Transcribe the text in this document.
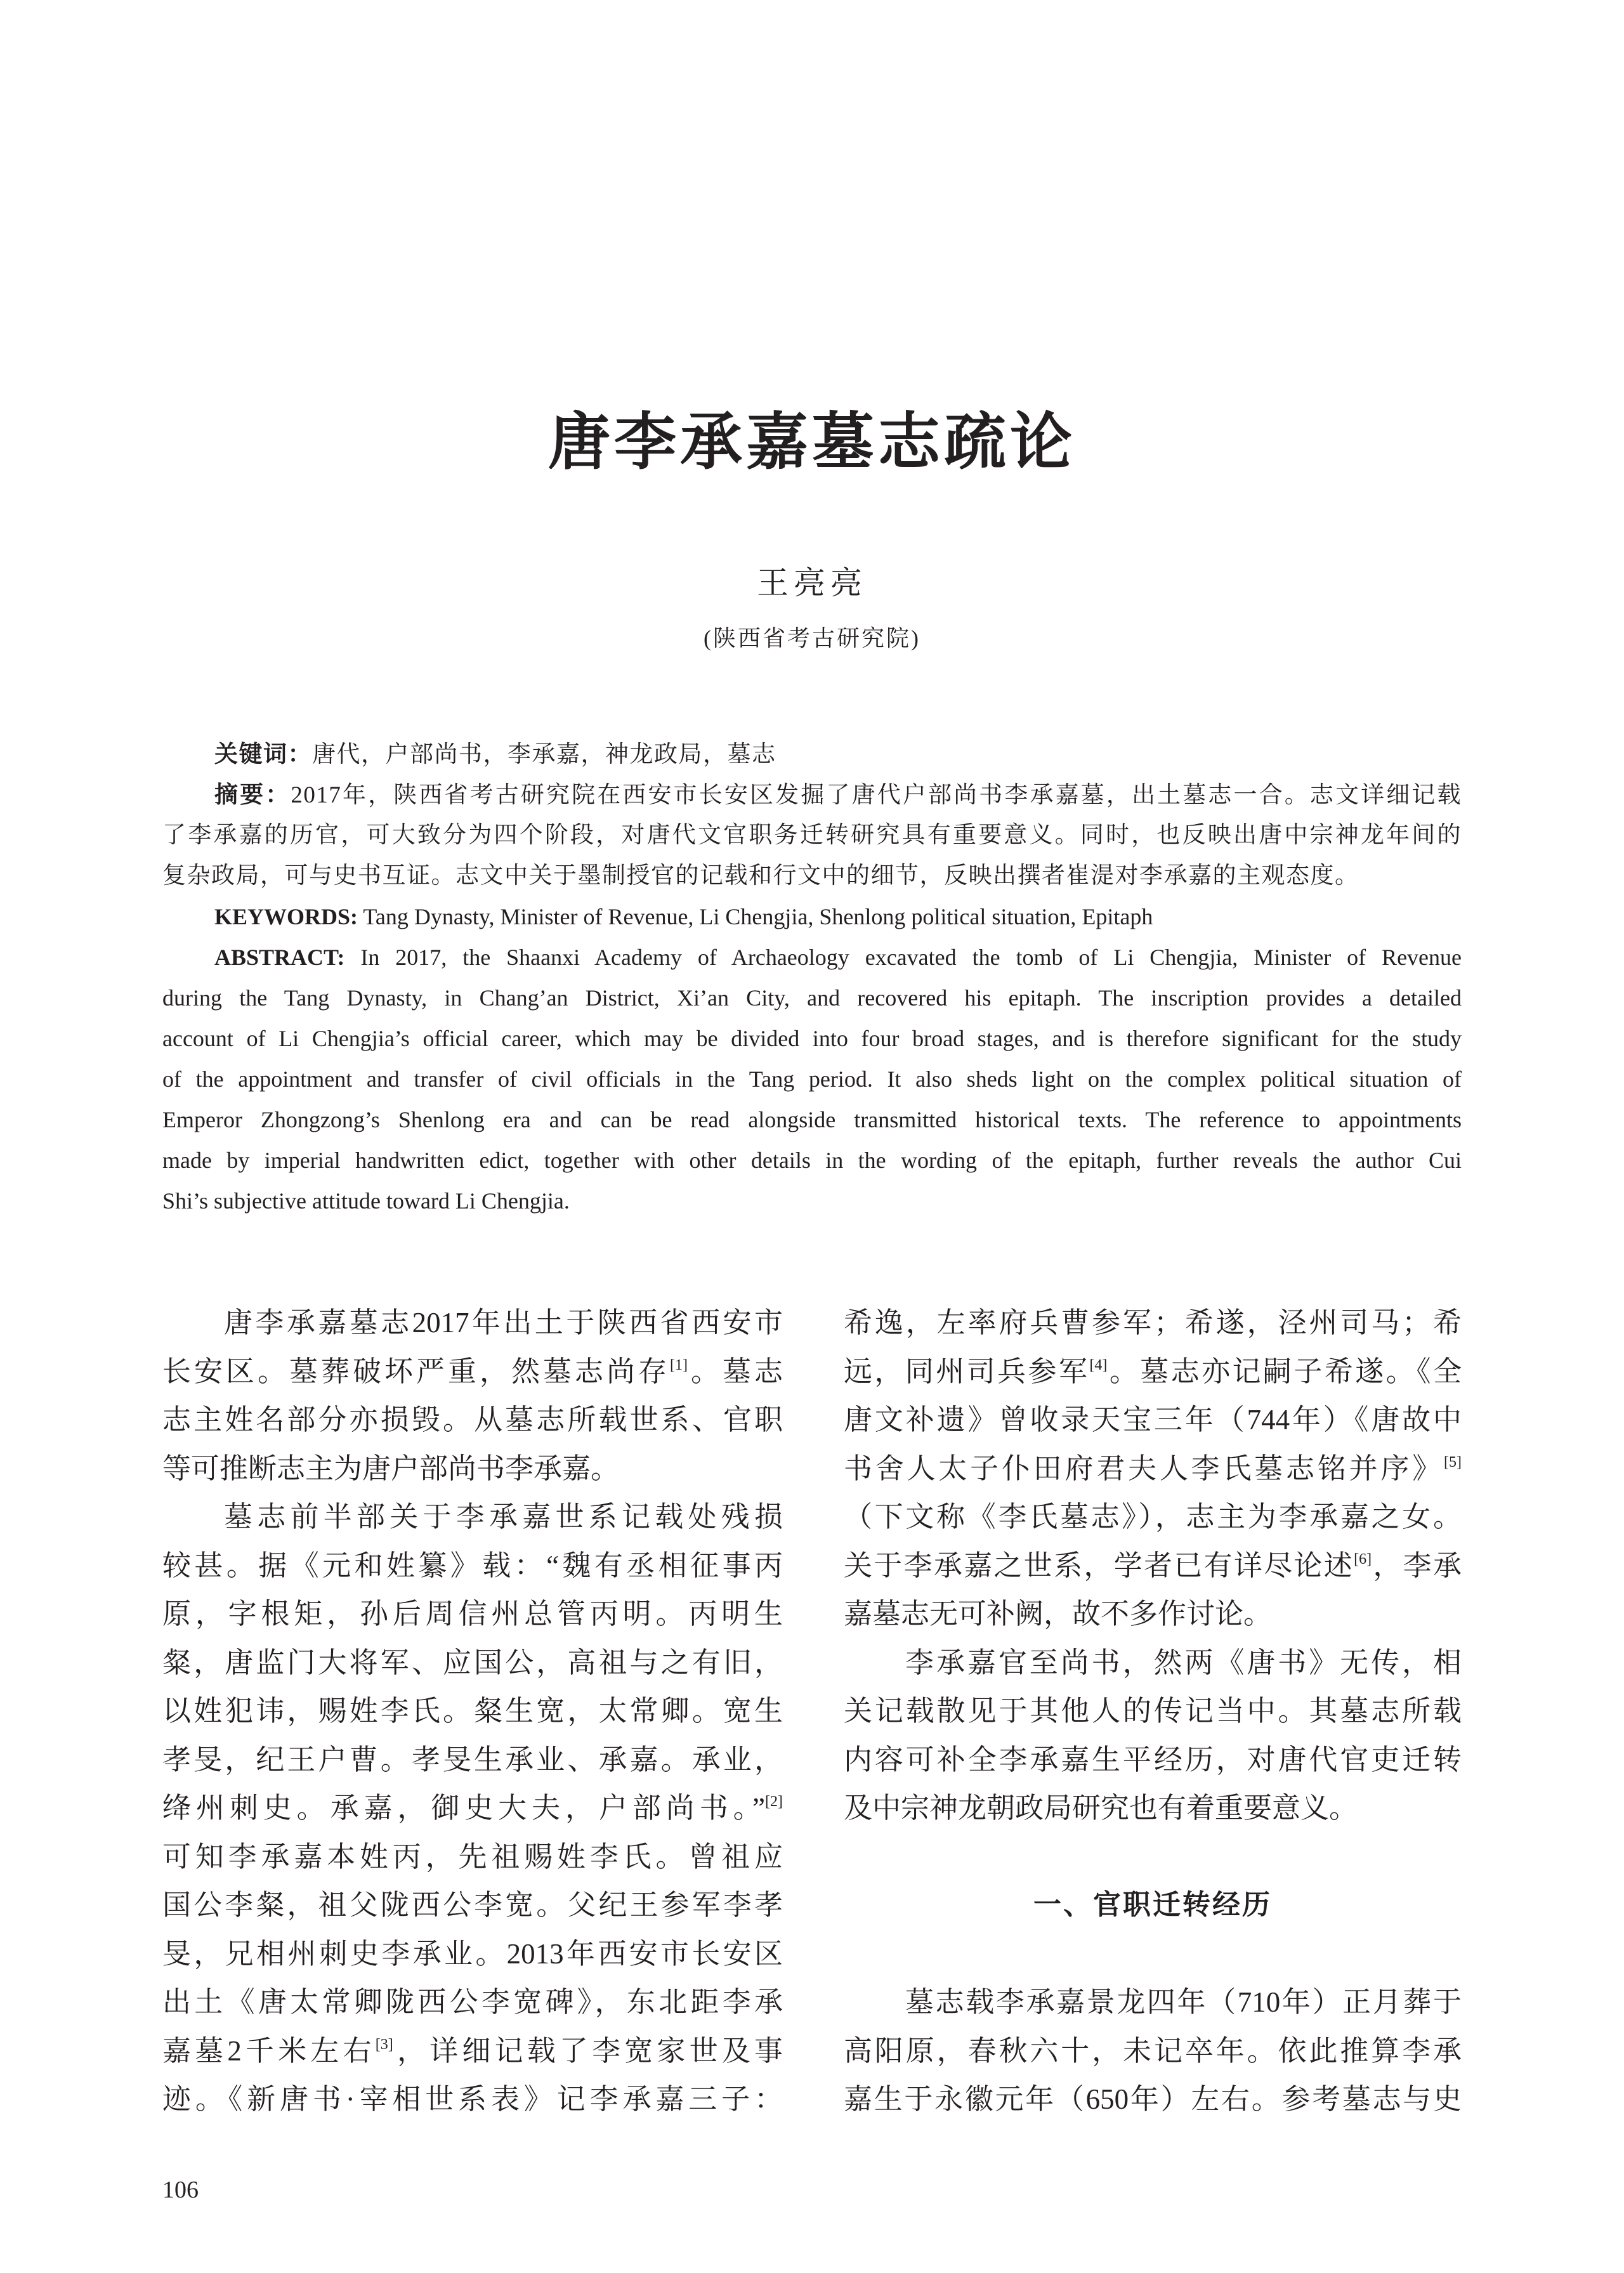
唐李承嘉墓志疏论
王亮亮
(陕西省考古研究院)
关键词：唐代，户部尚书，李承嘉，神龙政局，墓志
摘要：2017年，陕西省考古研究院在西安市长安区发掘了唐代户部尚书李承嘉墓，出土墓志一合。志文详细记载
了李承嘉的历官，可大致分为四个阶段，对唐代文官职务迁转研究具有重要意义。同时，也反映出唐中宗神龙年间的
复杂政局，可与史书互证。志文中关于墨制授官的记载和行文中的细节，反映出撰者崔湜对李承嘉的主观态度。
KEYWORDS: Tang Dynasty, Minister of Revenue, Li Chengjia, Shenlong political situation, Epitaph
ABSTRACT: In 2017, the Shaanxi Academy of Archaeology excavated the tomb of Li Chengjia, Minister of Revenue
during the Tang Dynasty, in Chang’an District, Xi’an City, and recovered his epitaph. The inscription provides a detailed
account of Li Chengjia’s official career, which may be divided into four broad stages, and is therefore significant for the study
of the appointment and transfer of civil officials in the Tang period. It also sheds light on the complex political situation of
Emperor Zhongzong’s Shenlong era and can be read alongside transmitted historical texts. The reference to appointments
made by imperial handwritten edict, together with other details in the wording of the epitaph, further reveals the author Cui
Shi’s subjective attitude toward Li Chengjia.
唐李承嘉墓志2017年出土于陕西省西安市
长安区。墓葬破坏严重，然墓志尚存[1]。墓志
志主姓名部分亦损毁。从墓志所载世系、官职
等可推断志主为唐户部尚书李承嘉。
墓志前半部关于李承嘉世系记载处残损
较甚。据《元和姓纂》载：“魏有丞相征事丙
原，字根矩，孙后周信州总管丙明。丙明生
粲，唐监门大将军、应国公，高祖与之有旧，
以姓犯讳，赐姓李氏。粲生宽，太常卿。宽生
孝旻，纪王户曹。孝旻生承业、承嘉。承业，
绛州刺史。承嘉，御史大夫，户部尚书。”[2]
可知李承嘉本姓丙，先祖赐姓李氏。曾祖应
国公李粲，祖父陇西公李宽。父纪王参军李孝
旻，兄相州刺史李承业。2013年西安市长安区
出土《唐太常卿陇西公李宽碑》，东北距李承
嘉墓2千米左右[3]，详细记载了李宽家世及事
迹。《新唐书·宰相世系表》记李承嘉三子：
希逸，左率府兵曹参军；希遂，泾州司马；希
远，同州司兵参军[4]。墓志亦记嗣子希遂。《全
唐文补遗》曾收录天宝三年（744年）《唐故中
书舍人太子仆田府君夫人李氏墓志铭并序》[5]
（下文称《李氏墓志》），志主为李承嘉之女。
关于李承嘉之世系，学者已有详尽论述[6]，李承
嘉墓志无可补阙，故不多作讨论。
李承嘉官至尚书，然两《唐书》无传，相
关记载散见于其他人的传记当中。其墓志所载
内容可补全李承嘉生平经历，对唐代官吏迁转
及中宗神龙朝政局研究也有着重要意义。
一、官职迁转经历
墓志载李承嘉景龙四年（710年）正月葬于
高阳原，春秋六十，未记卒年。依此推算李承
嘉生于永徽元年（650年）左右。参考墓志与史
106
